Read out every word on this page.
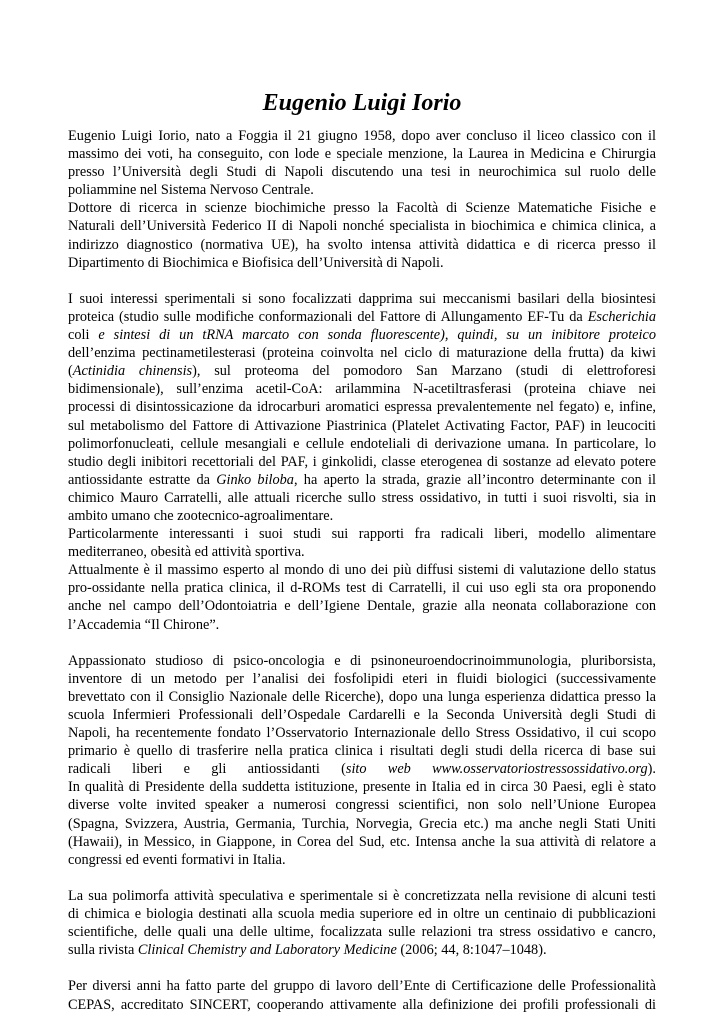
Eugenio Luigi Iorio
Eugenio Luigi Iorio, nato a Foggia il 21 giugno 1958, dopo aver concluso il liceo classico con il
massimo dei voti, ha conseguito, con lode e speciale menzione, la Laurea in Medicina e Chirurgia
presso l’Università degli Studi di Napoli discutendo una tesi in neurochimica sul ruolo delle
poliammine nel Sistema Nervoso Centrale.
Dottore di ricerca in scienze biochimiche presso la Facoltà di Scienze Matematiche Fisiche e
Naturali dell’Università Federico II di Napoli nonché specialista in biochimica e chimica clinica, a
indirizzo diagnostico (normativa UE), ha svolto intensa attività didattica e di ricerca presso il
Dipartimento di Biochimica e Biofisica dell’Università di Napoli.
I suoi interessi sperimentali si sono focalizzati dapprima sui meccanismi basilari della biosintesi
proteica (studio sulle modifiche conformazionali del Fattore di Allungamento EF-Tu da Escherichia
coli e sintesi di un tRNA marcato con sonda fluorescente), quindi, su un inibitore proteico
dell’enzima pectinametilesterasi (proteina coinvolta nel ciclo di maturazione della frutta) da kiwi
(Actinidia chinensis), sul proteoma del pomodoro San Marzano (studi di elettroforesi
bidimensionale), sull’enzima acetil-CoA: arilammina N-acetiltrasferasi (proteina chiave nei
processi di disintossicazione da idrocarburi aromatici espressa prevalentemente nel fegato) e, infine,
sul metabolismo del Fattore di Attivazione Piastrinica (Platelet Activating Factor, PAF) in leucociti
polimorfonucleati, cellule mesangiali e cellule endoteliali di derivazione umana. In particolare, lo
studio degli inibitori recettoriali del PAF, i ginkolidi, classe eterogenea di sostanze ad elevato potere
antiossidante estratte da Ginko biloba, ha aperto la strada, grazie all’incontro determinante con il
chimico Mauro Carratelli, alle attuali ricerche sullo stress ossidativo, in tutti i suoi risvolti, sia in
ambito umano che zootecnico-agroalimentare.
Particolarmente interessanti i suoi studi sui rapporti fra radicali liberi, modello alimentare
mediterraneo, obesità ed attività sportiva.
Attualmente è il massimo esperto al mondo di uno dei più diffusi sistemi di valutazione dello status
pro-ossidante nella pratica clinica, il d-ROMs test di Carratelli, il cui uso egli sta ora proponendo
anche nel campo dell’Odontoiatria e dell’Igiene Dentale, grazie alla neonata collaborazione con
l’Accademia “Il Chirone”.
Appassionato studioso di psico-oncologia e di psinoneuroendocrinoimmunologia, pluriborsista,
inventore di un metodo per l’analisi dei fosfolipidi eteri in fluidi biologici (successivamente
brevettato con il Consiglio Nazionale delle Ricerche), dopo una lunga esperienza didattica presso la
scuola Infermieri Professionali dell’Ospedale Cardarelli e la Seconda Università degli Studi di
Napoli, ha recentemente fondato l’Osservatorio Internazionale dello Stress Ossidativo, il cui scopo
primario è quello di trasferire nella pratica clinica i risultati degli studi della ricerca di base sui
radicali liberi e gli antiossidanti (sito web www.osservatoriostressossidativo.org).
In qualità di Presidente della suddetta istituzione, presente in Italia ed in circa 30 Paesi, egli è stato
diverse volte invited speaker a numerosi congressi scientifici, non solo nell’Unione Europea
(Spagna, Svizzera, Austria, Germania, Turchia, Norvegia, Grecia etc.) ma anche negli Stati Uniti
(Hawaii), in Messico, in Giappone, in Corea del Sud, etc. Intensa anche la sua attività di relatore a
congressi ed eventi formativi in Italia.
La sua polimorfa attività speculativa e sperimentale si è concretizzata nella revisione di alcuni testi
di chimica e biologia destinati alla scuola media superiore ed in oltre un centinaio di pubblicazioni
scientifiche, delle quali una delle ultime, focalizzata sulle relazioni tra stress ossidativo e cancro,
sulla rivista Clinical Chemistry and Laboratory Medicine (2006; 44, 8:1047–1048).
Per diversi anni ha fatto parte del gruppo di lavoro dell’Ente di Certificazione delle Professionalità
CEPAS, accreditato SINCERT, cooperando attivamente alla definizione dei profili professionali di
